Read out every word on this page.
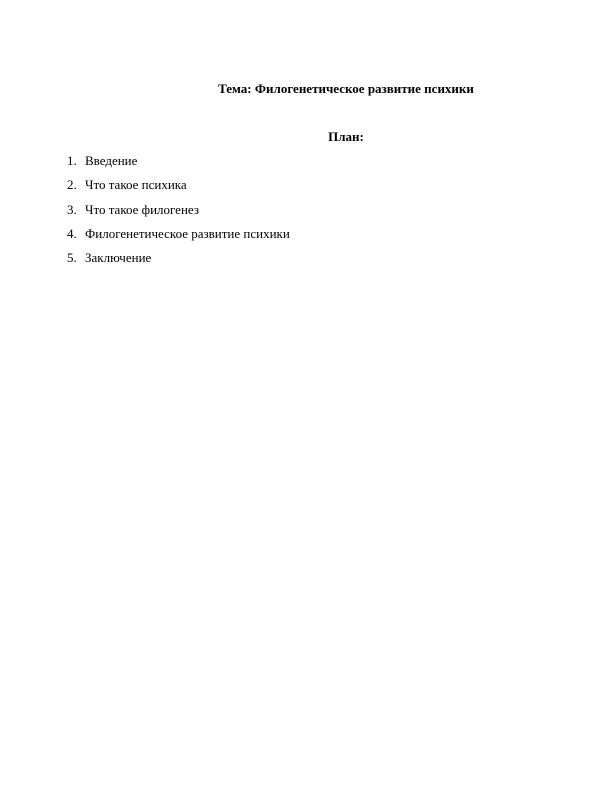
Тема: Филогенетическое развитие психики
План:
1. Введение
2. Что такое психика
3. Что такое филогенез
4. Филогенетическое развитие психики
5. Заключение
